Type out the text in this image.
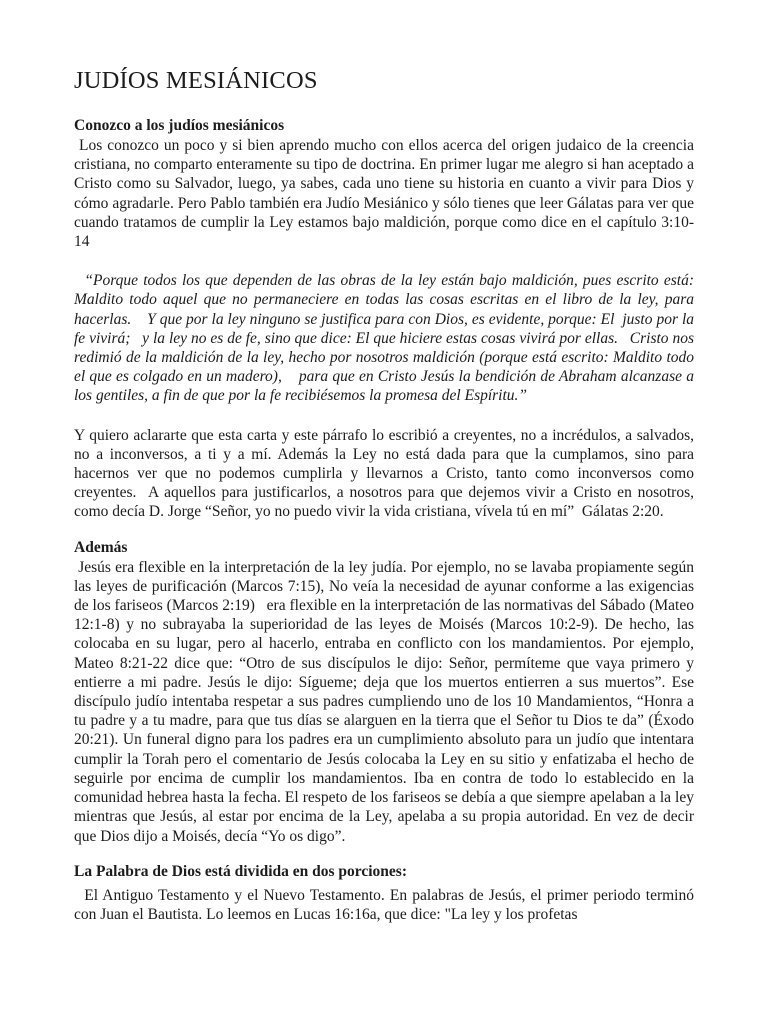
JUDÍOS MESIÁNICOS
Conozco a los judíos mesiánicos

Los conozco un poco y si bien aprendo mucho con ellos acerca del origen judaico de la creencia cristiana, no comparto enteramente su tipo de doctrina. En primer lugar me alegro si han aceptado a Cristo como su Salvador, luego, ya sabes, cada uno tiene su historia en cuanto a vivir para Dios y cómo agradarle. Pero Pablo también era Judío Mesiánico y sólo tienes que leer Gálatas para ver que cuando tratamos de cumplir la Ley estamos bajo maldición, porque como dice en el capítulo 3:10-14

“Porque todos los que dependen de las obras de la ley están bajo maldición, pues escrito está: Maldito todo aquel que no permaneciere en todas las cosas escritas en el libro de la ley, para hacerlas.    Y que por la ley ninguno se justifica para con Dios, es evidente, porque: El  justo por la fe vivirá;   y la ley no es de fe, sino que dice: El que hiciere estas cosas vivirá por ellas.   Cristo nos redimió de la maldición de la ley, hecho por nosotros maldición (porque está escrito: Maldito todo el que es colgado en un madero),    para que en Cristo Jesús la bendición de Abraham alcanzase a los gentiles, a fin de que por la fe recibiésemos la promesa del Espíritu.”

Y quiero aclararte que esta carta y este párrafo lo escribió a creyentes, no a incrédulos, a salvados, no a inconversos, a ti y a mí. Además la Ley no está dada para que la cumplamos, sino para hacernos ver que no podemos cumplirla y llevarnos a Cristo, tanto como inconversos como creyentes.  A aquellos para justificarlos, a nosotros para que dejemos vivir a Cristo en nosotros, como decía D. Jorge “Señor, yo no puedo vivir la vida cristiana, vívela tú en mí”  Gálatas 2:20.

Además

Jesús era flexible en la interpretación de la ley judía. Por ejemplo, no se lavaba propiamente según las leyes de purificación (Marcos 7:15), No veía la necesidad de ayunar conforme a las exigencias de los fariseos (Marcos 2:19)   era flexible en la interpretación de las normativas del Sábado (Mateo 12:1-8) y no subrayaba la superioridad de las leyes de Moisés (Marcos 10:2-9). De hecho, las colocaba en su lugar, pero al hacerlo, entraba en conflicto con los mandamientos. Por ejemplo, Mateo 8:21-22 dice que: “Otro de sus discípulos le dijo: Señor, permíteme que vaya primero y entierre a mi padre. Jesús le dijo: Sígueme; deja que los muertos entierren a sus muertos”. Ese discípulo judío intentaba respetar a sus padres cumpliendo uno de los 10 Mandamientos, “Honra a tu padre y a tu madre, para que tus días se alarguen en la tierra que el Señor tu Dios te da” (Éxodo 20:21). Un funeral digno para los padres era un cumplimiento absoluto para un judío que intentara cumplir la Torah pero el comentario de Jesús colocaba la Ley en su sitio y enfatizaba el hecho de seguirle por encima de cumplir los mandamientos. Iba en contra de todo lo establecido en la comunidad hebrea hasta la fecha. El respeto de los fariseos se debía a que siempre apelaban a la ley mientras que Jesús, al estar por encima de la Ley, apelaba a su propia autoridad. En vez de decir que Dios dijo a Moisés, decía “Yo os digo”.

La Palabra de Dios está dividida en dos porciones:

El Antiguo Testamento y el Nuevo Testamento. En palabras de Jesús, el primer periodo terminó con Juan el Bautista. Lo leemos en Lucas 16:16a, que dice: "La ley y los profetas
